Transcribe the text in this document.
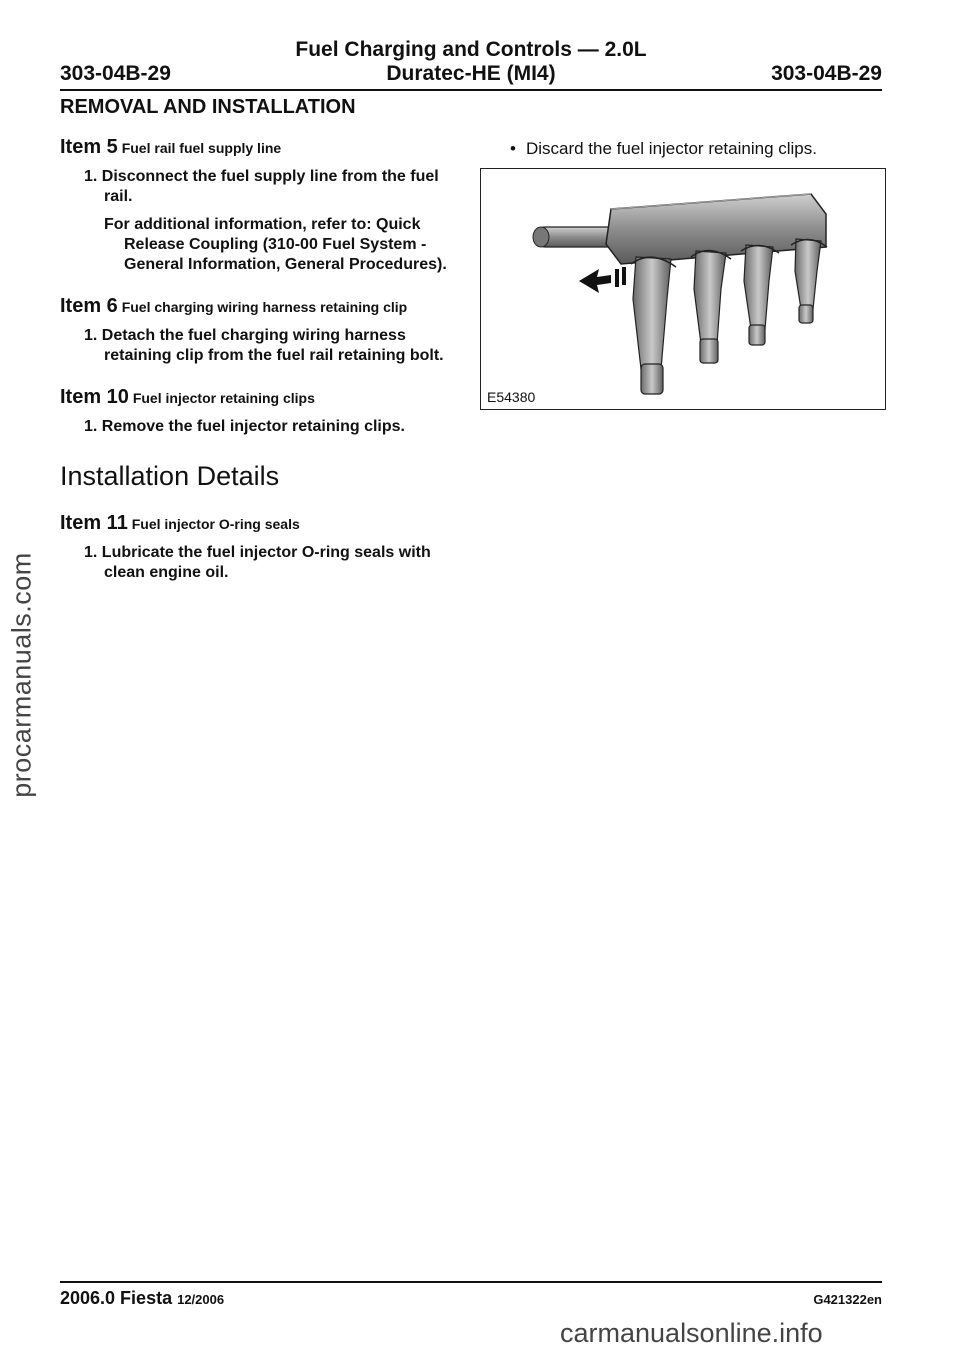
procarmanuals.com
carmanualsonline.info
Fuel Charging and Controls — 2.0L
303-04B-29	Duratec-HE (MI4)	303-04B-29
REMOVAL AND INSTALLATION
Item 5 Fuel rail fuel supply line
1. Disconnect the fuel supply line from the fuel rail.
For additional information, refer to: Quick Release Coupling (310-00 Fuel System - General Information, General Procedures).
Item 6 Fuel charging wiring harness retaining clip
1. Detach the fuel charging wiring harness retaining clip from the fuel rail retaining bolt.
Item 10 Fuel injector retaining clips
1. Remove the fuel injector retaining clips.
Installation Details
Item 11 Fuel injector O-ring seals
1. Lubricate the fuel injector O-ring seals with clean engine oil.
• Discard the fuel injector retaining clips.
E54380
2006.0 Fiesta 12/2006	G421322en
